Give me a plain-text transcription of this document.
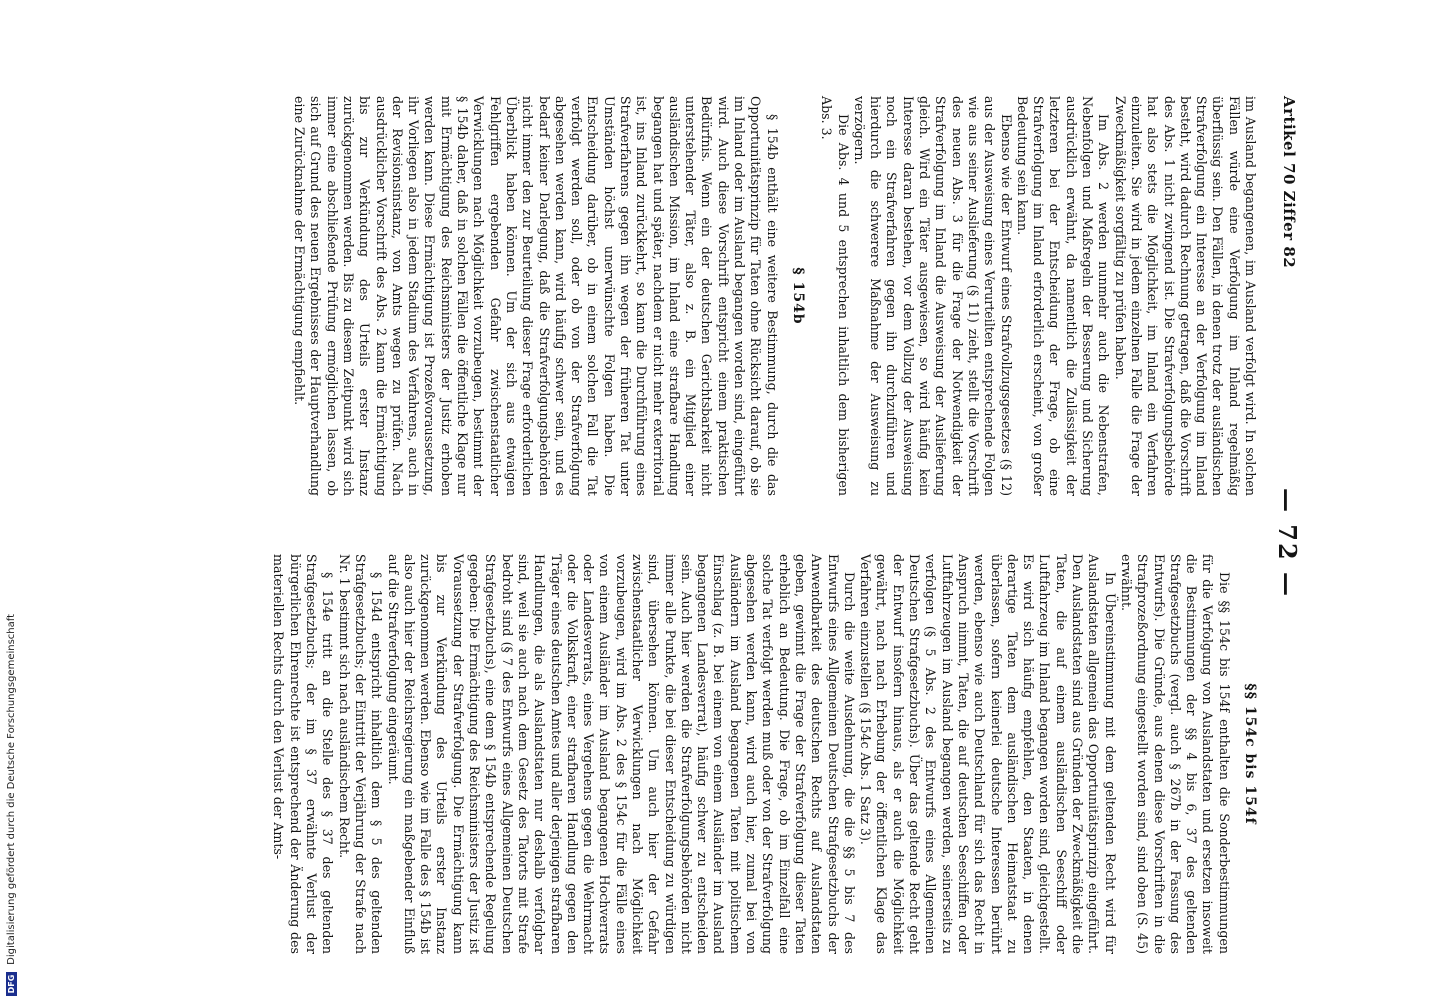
Artikel 70 Ziffer 82
— 72 —

im Ausland begangenen, im Ausland verfolgt wird. In solchen Fällen würde eine Verfolgung im Inland regelmäßig überflüssig sein. Den Fällen, in denen trotz der ausländischen Strafverfolgung ein Interesse an der Verfolgung im Inland besteht, wird dadurch Rechnung getragen, daß die Vorschrift des Abs. 1 nicht zwingend ist. Die Strafverfolgungsbehörde hat also stets die Möglichkeit, im Inland ein Verfahren einzuleiten. Sie wird in jedem einzelnen Falle die Frage der Zweckmäßigkeit sorgfältig zu prüfen haben.

Im Abs. 2 werden nunmehr auch die Nebenstrafen, Nebenfolgen und Maßregeln der Besserung und Sicherung ausdrücklich erwähnt, da namentlich die Zulässigkeit der letzteren bei der Entscheidung der Frage, ob eine Strafverfolgung im Inland erforderlich erscheint, von großer Bedeutung sein kann.

Ebenso wie der Entwurf eines Strafvollzugsgesetzes (§ 12) aus der Ausweisung eines Verurteilten entsprechende Folgen wie aus seiner Auslieferung (§ 11) zieht, stellt die Vorschrift des neuen Abs. 3 für die Frage der Notwendigkeit der Strafverfolgung im Inland die Ausweisung der Auslieferung gleich. Wird ein Täter ausgewiesen, so wird häufig kein Interesse daran bestehen, vor dem Vollzug der Ausweisung noch ein Strafverfahren gegen ihn durchzuführen und hierdurch die schwerere Maßnahme der Ausweisung zu verzögern.

Die Abs. 4 und 5 entsprechen inhaltlich dem bisherigen Abs. 3.

§ 154b

§ 154b enthält eine weitere Bestimmung, durch die das Opportunitätsprinzip für Taten ohne Rücksicht darauf, ob sie im Inland oder im Ausland begangen worden sind, eingeführt wird. Auch diese Vorschrift entspricht einem praktischen Bedürfnis. Wenn ein der deutschen Gerichtsbarkeit nicht unterstehender Täter, also z. B. ein Mitglied einer ausländischen Mission, im Inland eine strafbare Handlung begangen hat und später, nachdem er nicht mehr exterritorial ist, ins Inland zurückkehrt, so kann die Durchführung eines Strafverfahrens gegen ihn wegen der früheren Tat unter Umständen höchst unerwünschte Folgen haben. Die Entscheidung darüber, ob in einem solchen Fall die Tat verfolgt werden soll, oder ob von der Strafverfolgung abgesehen werden kann, wird häufig schwer sein, und es bedarf keiner Darlegung, daß die Strafverfolgungsbehörden nicht immer den zur Beurteilung dieser Frage erforderlichen Überblick haben können. Um der sich aus etwaigen Fehlgriffen ergebenden Gefahr zwischenstaatlicher Verwicklungen nach Möglichkeit vorzubeugen, bestimmt der § 154b daher, daß in solchen Fällen die öffentliche Klage nur mit Ermächtigung des Reichsministers der Justiz erhoben werden kann. Diese Ermächtigung ist Prozeßvoraussetzung, ihr Vorliegen also in jedem Stadium des Verfahrens, auch in der Revisionsinstanz, von Amts wegen zu prüfen. Nach ausdrücklicher Vorschrift des Abs. 2 kann die Ermächtigung bis zur Verkündung des Urteils erster Instanz zurückgenommen werden. Bis zu diesem Zeitpunkt wird sich immer eine abschließende Prüfung ermöglichen lassen, ob sich auf Grund des neuen Ergebnisses der Hauptverhandlung eine Zurücknahme der Ermächtigung empfiehlt.

§§ 154c bis 154f

Die §§ 154c bis 154f enthalten die Sonderbestimmungen für die Verfolgung von Auslandstaten und ersetzen insoweit die Bestimmungen der §§ 4 bis 6, 37 des geltenden Strafgesetzbuchs (vergl. auch § 267b in der Fassung des Entwurfs). Die Gründe, aus denen diese Vorschriften in die Strafprozeßordnung eingestellt worden sind, sind oben (S. 45) erwähnt.

In Übereinstimmung mit dem geltenden Recht wird für Auslandstaten allgemein das Opportunitätsprinzip eingeführt. Den Auslandstaten sind aus Gründen der Zweckmäßigkeit die Taten, die auf einem ausländischen Seeschiff oder Luftfahrzeug im Inland begangen worden sind, gleichgestellt. Es wird sich häufig empfehlen, den Staaten, in denen derartige Taten dem ausländischen Heimatstaat zu überlassen, sofern keinerlei deutsche Interessen berührt werden, ebenso wie auch Deutschland für sich das Recht in Anspruch nimmt, Taten, die auf deutschen Seeschiffen oder Luftfahrzeugen im Ausland begangen werden, seinerseits zu verfolgen (§ 5 Abs. 2 des Entwurfs eines Allgemeinen Deutschen Strafgesetzbuchs). Über das geltende Recht geht der Entwurf insofern hinaus, als er auch die Möglichkeit gewährt, nach nach Erhebung der öffentlichen Klage das Verfahren einzustellen (§ 154c Abs. 1 Satz 3).

Durch die weite Ausdehnung, die die §§ 5 bis 7 des Entwurfs eines Allgemeinen Deutschen Strafgesetzbuchs der Anwendbarkeit des deutschen Rechts auf Auslandstaten geben, gewinnt die Frage der Strafverfolgung dieser Taten erheblich an Bedeutung. Die Frage, ob im Einzelfall eine solche Tat verfolgt werden muß oder von der Strafverfolgung abgesehen werden kann, wird auch hier, zumal bei von Ausländern im Ausland begangenen Taten mit politischem Einschlag (z. B. bei einem von einem Ausländer im Ausland begangenen Landesverrat), häufig schwer zu entscheiden sein. Auch hier werden die Strafverfolgungsbehörden nicht immer alle Punkte, die bei dieser Entscheidung zu würdigen sind, übersehen können. Um auch hier der Gefahr zwischenstaatlicher Verwicklungen nach Möglichkeit vorzubeugen, wird im Abs. 2 des § 154c für die Fälle eines von einem Ausländer im Ausland begangenen Hochverrats oder Landesverrats, eines Vergehens gegen die Wehrmacht oder die Volkskraft, einer strafbaren Handlung gegen den Träger eines deutschen Amtes und aller derjenigen strafbaren Handlungen, die als Auslandstaten nur deshalb verfolgbar sind, weil sie auch nach dem Gesetz des Tatorts mit Strafe bedroht sind (§ 7 des Entwurfs eines Allgemeinen Deutschen Strafgesetzbuchs), eine dem § 154b entsprechende Regelung gegeben: Die Ermächtigung des Reichsministers der Justiz ist Voraussetzung der Strafverfolgung. Die Ermächtigung kann bis zur Verkündung des Urteils erster Instanz zurückgenommen werden. Ebenso wie im Falle des § 154b ist also auch hier der Reichsregierung ein maßgebender Einfluß auf die Strafverfolgung eingeräumt.

§ 154d entspricht inhaltlich dem § 5 des geltenden Strafgesetzbuchs; der Eintritt der Verjährung der Strafe nach Nr. 1 bestimmt sich nach ausländischem Recht.

§ 154e tritt an die Stelle des § 37 des geltenden Strafgesetzbuchs; der im § 37 erwähnte Verlust der bürgerlichen Ehrenrechte ist entsprechend der Änderung des materiellen Rechts durch den Verlust der Amts-

DFG Digitalisierung gefördert durch die Deutsche Forschungsgemeinschaft
